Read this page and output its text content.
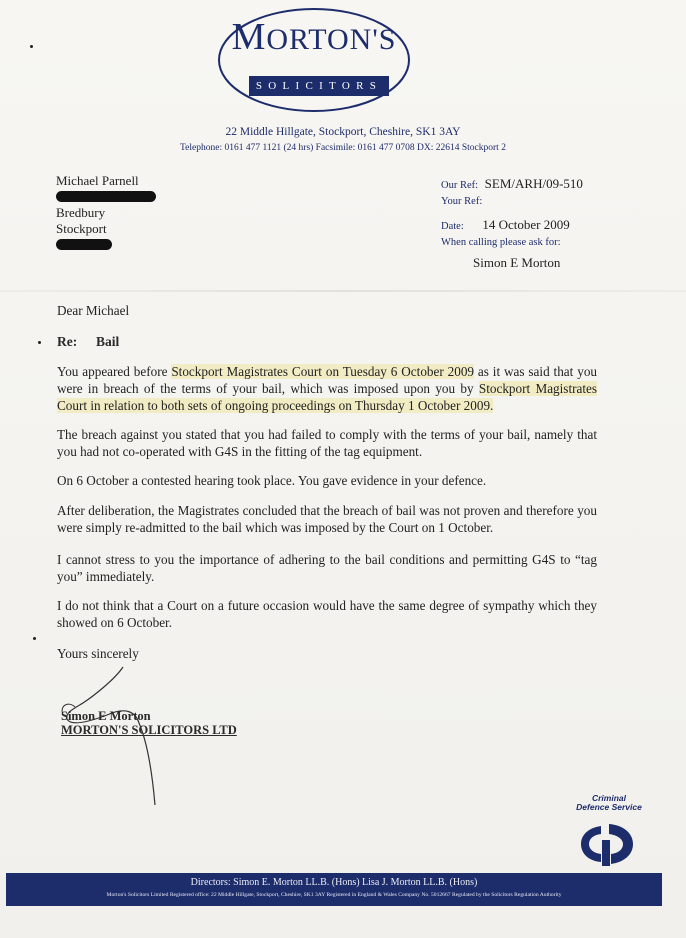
MORTON'S
SOLICITORS
22 Middle Hillgate, Stockport, Cheshire, SK1 3AY
Telephone: 0161 477 1121 (24 hrs) Facsimile: 0161 477 0708 DX: 22614 Stockport 2
Michael Parnell
Bredbury
Stockport
Our Ref: SEM/ARH/09-510
Your Ref:
Date: 14 October 2009
When calling please ask for:
Simon E Morton
Dear Michael
Re: Bail
You appeared before Stockport Magistrates Court on Tuesday 6 October 2009 as it was said that you were in breach of the terms of your bail, which was imposed upon you by Stockport Magistrates Court in relation to both sets of ongoing proceedings on Thursday 1 October 2009.
The breach against you stated that you had failed to comply with the terms of your bail, namely that you had not co-operated with G4S in the fitting of the tag equipment.
On 6 October a contested hearing took place. You gave evidence in your defence.
After deliberation, the Magistrates concluded that the breach of bail was not proven and therefore you were simply re-admitted to the bail which was imposed by the Court on 1 October.
I cannot stress to you the importance of adhering to the bail conditions and permitting G4S to “tag you” immediately.
I do not think that a Court on a future occasion would have the same degree of sympathy which they showed on 6 October.
Yours sincerely
Simon E Morton
MORTON'S SOLICITORS LTD
Criminal
Defence Service
Directors: Simon E. Morton LL.B. (Hons) Lisa J. Morton LL.B. (Hons)
Morton's Solicitors Limited Registered office: 22 Middle Hillgate, Stockport, Cheshire, SK1 3AY Registered in England & Wales Company No. 5012667 Regulated by the Solicitors Regulation Authority
